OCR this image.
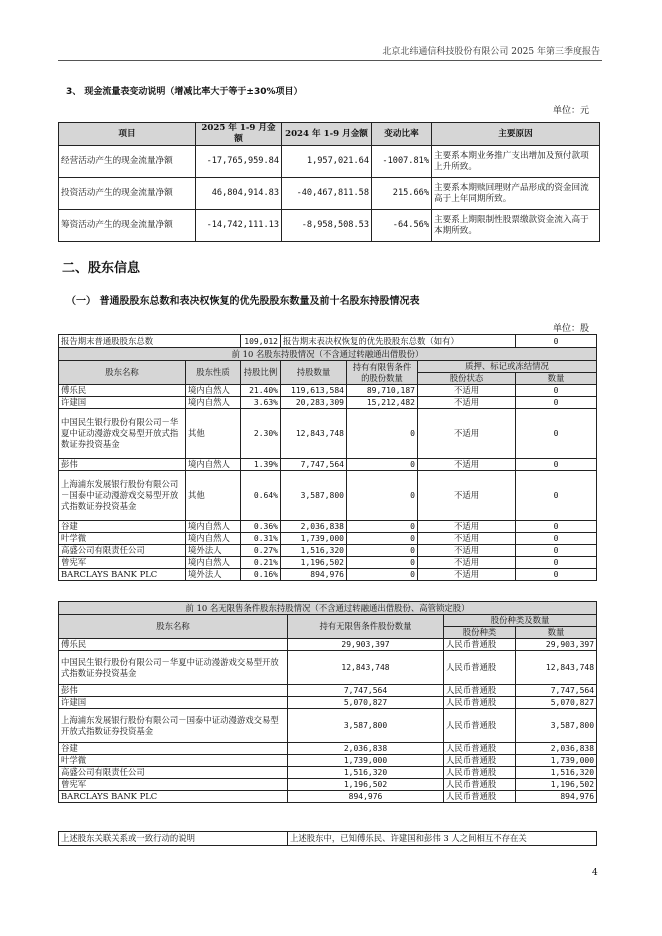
北京北纬通信科技股份有限公司 2025 年第三季度报告
3、 现金流量表变动说明（增减比率大于等于±30%项目）
单位：元
项目	2025 年 1-9 月金额	2024 年 1-9 月金额	变动比率	主要原因
经营活动产生的现金流量净额	-17,765,959.84	1,957,021.64	-1007.81%	主要系本期业务推广支出增加及预付款项上升所致。
投资活动产生的现金流量净额	46,804,914.83	-40,467,811.58	215.66%	主要系本期赎回理财产品形成的资金回流高于上年同期所致。
筹资活动产生的现金流量净额	-14,742,111.13	-8,958,508.53	-64.56%	主要系上期限制性股票缴款资金流入高于本期所致。
二、股东信息
（一） 普通股股东总数和表决权恢复的优先股股东数量及前十名股东持股情况表
单位：股
报告期末普通股股东总数		109,012	报告期末表决权恢复的优先股股东总数（如有）			0
前 10 名股东持股情况（不含通过转融通出借股份）						
股东名称	股东性质	持股比例	持股数量	持有有限售条件的股份数量	质押、标记或冻结情况	
					股份状态	数量
傅乐民	境内自然人	21.40%	119,613,584	89,710,187	不适用	0
许建国	境内自然人	3.63%	20,283,309	15,212,482	不适用	0
中国民生银行股份有限公司－华夏中证动漫游戏交易型开放式指数证券投资基金	其他	2.30%	12,843,748	0	不适用	0
彭伟	境内自然人	1.39%	7,747,564	0	不适用	0
上海浦东发展银行股份有限公司－国泰中证动漫游戏交易型开放式指数证券投资基金	其他	0.64%	3,587,800	0	不适用	0
谷建	境内自然人	0.36%	2,036,838	0	不适用	0
叶学微	境内自然人	0.31%	1,739,000	0	不适用	0
高盛公司有限责任公司	境外法人	0.27%	1,516,320	0	不适用	0
曾宪军	境内自然人	0.21%	1,196,502	0	不适用	0
BARCLAYS BANK PLC	境外法人	0.16%	894,976	0	不适用	0
前 10 名无限售条件股东持股情况（不含通过转融通出借股份、高管锁定股）			
股东名称	持有无限售条件股份数量	股份种类及数量	
		股份种类	数量
傅乐民	29,903,397	人民币普通股	29,903,397
中国民生银行股份有限公司－华夏中证动漫游戏交易型开放式指数证券投资基金	12,843,748	人民币普通股	12,843,748
彭伟	7,747,564	人民币普通股	7,747,564
许建国	5,070,827	人民币普通股	5,070,827
上海浦东发展银行股份有限公司－国泰中证动漫游戏交易型开放式指数证券投资基金	3,587,800	人民币普通股	3,587,800
谷建	2,036,838	人民币普通股	2,036,838
叶学微	1,739,000	人民币普通股	1,739,000
高盛公司有限责任公司	1,516,320	人民币普通股	1,516,320
曾宪军	1,196,502	人民币普通股	1,196,502
BARCLAYS BANK PLC	894,976	人民币普通股	894,976
上述股东关联关系或一致行动的说明	上述股东中，已知傅乐民、许建国和彭伟 3 人之间相互不存在关
4
